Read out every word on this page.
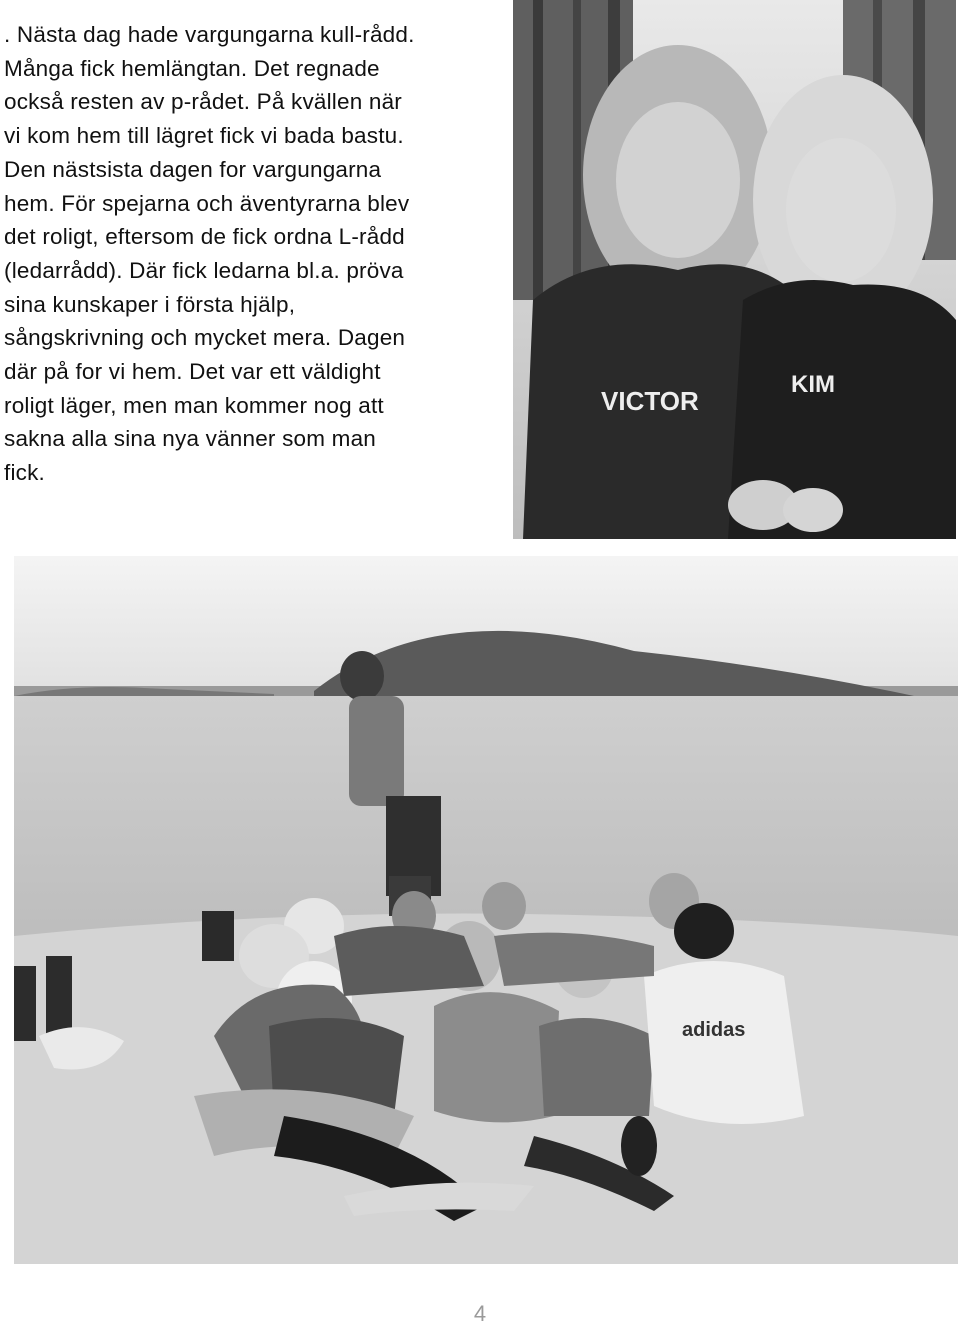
. Nästa dag hade vargungarna kull-rådd.
Många fick hemlängtan. Det regnade
också resten av p-rådet. På kvällen när
vi kom hem till lägret fick vi bada bastu.
Den nästsista dagen for vargungarna
hem. För spejarna och äventyrarna blev
det roligt, eftersom de fick ordna L-rådd
(ledarrådd). Där fick ledarna bl.a. pröva
sina kunskaper i första hjälp,
sångskrivning och mycket mera. Dagen
där på for vi hem. Det var ett väldight
roligt läger, men man kommer nog att
sakna alla sina nya vänner som man
fick.
VICTOR
KIM
adidas
4
